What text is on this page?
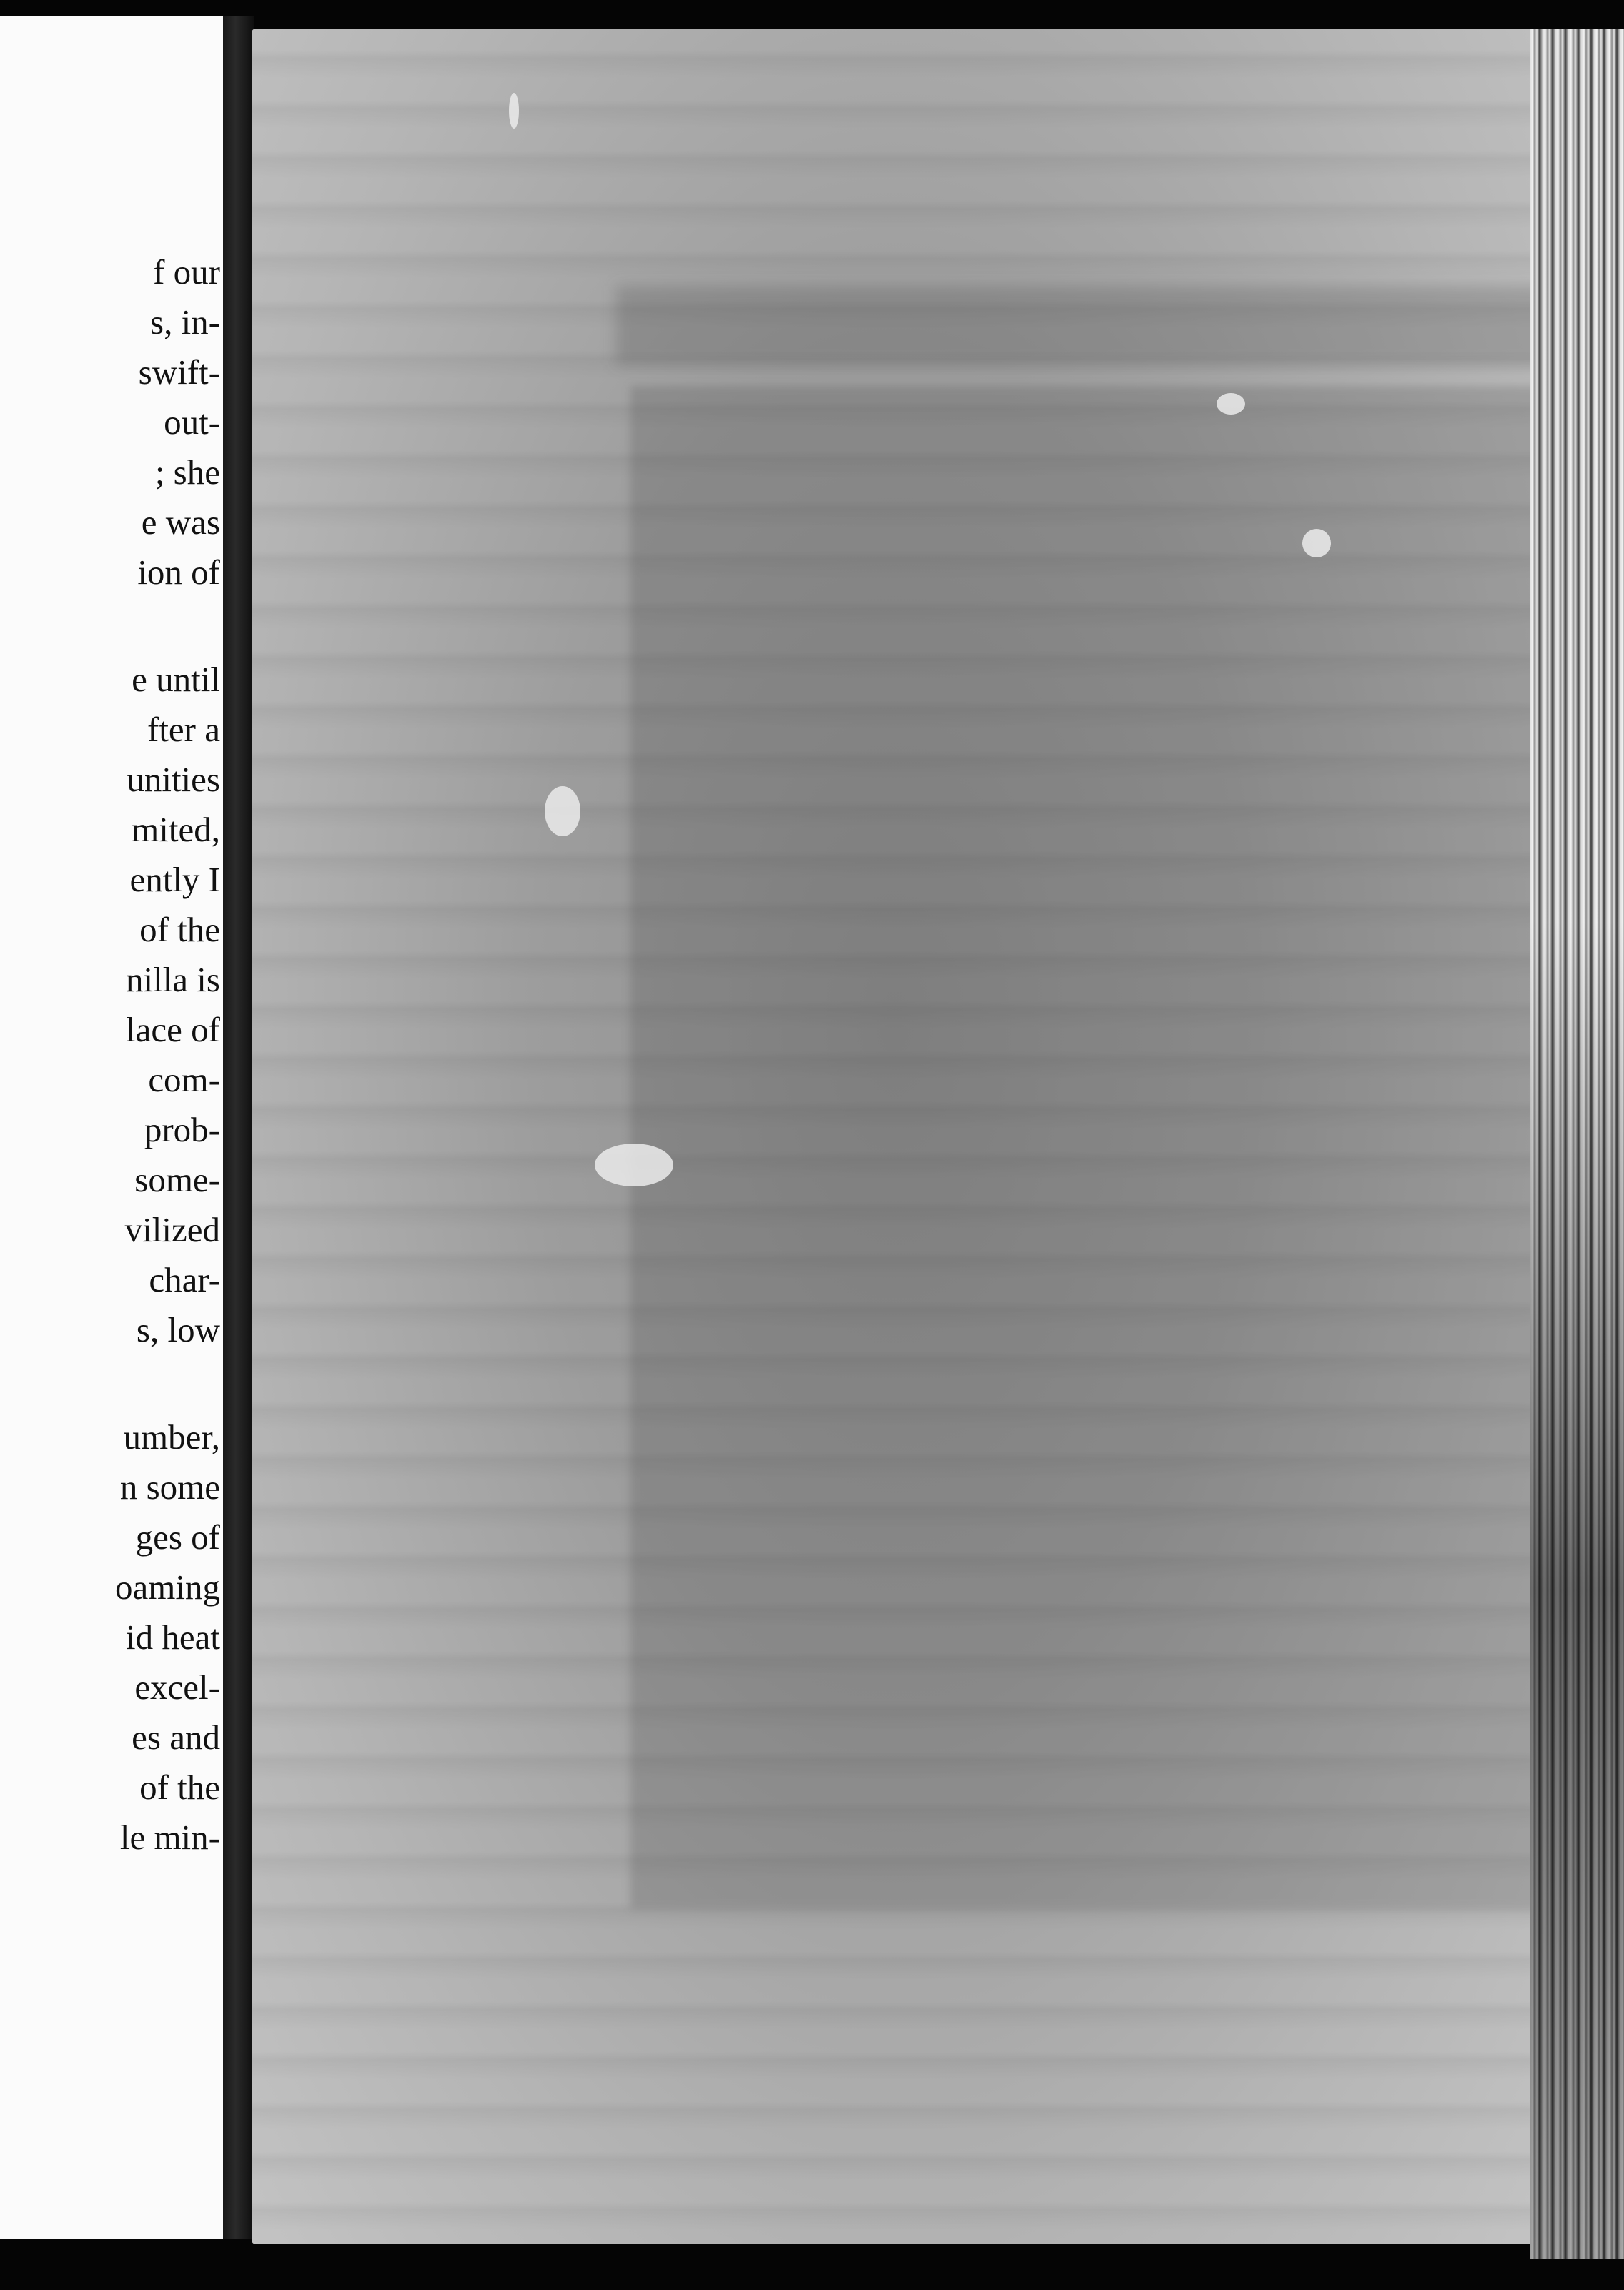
f our
s, in-
swift-
out-
; she
e was
ion of
e until
fter a
unities
mited,
ently I
of the
nilla is
lace of
com-
prob-
some-
vilized
char-
s, low
umber,
n some
ges of
oaming
id heat
excel-
es and
of the
le min-
